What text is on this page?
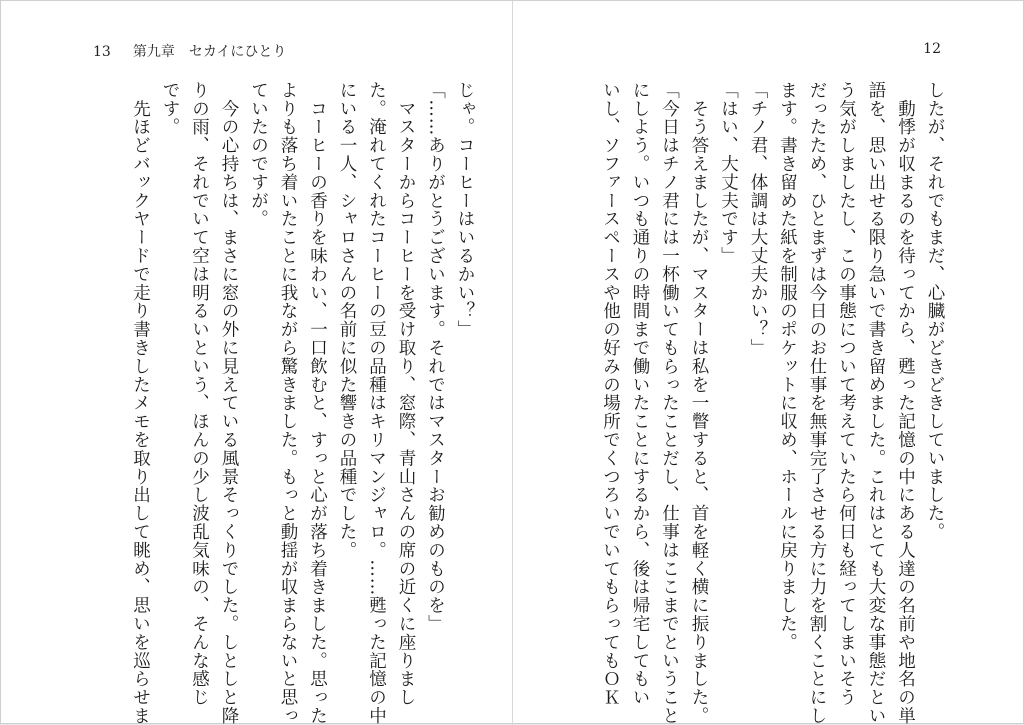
13 第九章　セカイにひとり

じゃ。コーヒーはいるかい？」

「……ありがとうございます。それではマスターお勧めのものを」

　マスターからコーヒーを受け取り、窓際、青山さんの席の近くに座りまし

た。淹れてくれたコーヒーの豆の品種はキリマンジャロ。……甦った記憶の中

にいる一人、シャロさんの名前に似た響きの品種でした。

　コーヒーの香りを味わい、一口飲むと、すっと心が落ち着きました。思った

よりも落ち着いたことに我ながら驚きました。もっと動揺が収まらないと思っ

ていたのですが。

　今の心持ちは、まさに窓の外に見えている風景そっくりでした。しとしと降

りの雨、それでいて空は明るいという、ほんの少し波乱気味の、そんな感じ

です。

　先ほどバックヤードで走り書きしたメモを取り出して眺め、思いを巡らせま

12

したが、それでもまだ、心臓がどきどきしていました。

　動悸が収まるのを待ってから、甦った記憶の中にある人達の名前や地名の単

語を、思い出せる限り急いで書き留めました。これはとても大変な事態だとい

う気がしましたし、この事態について考えていたら何日も経ってしまいそう

だったため、ひとまずは今日のお仕事を無事完了させる方に力を割くことにし

ます。書き留めた紙を制服のポケットに収め、ホールに戻りました。

「チノ君、体調は大丈夫かい？」

「はい、大丈夫です」

　そう答えましたが、マスターは私を一瞥すると、首を軽く横に振りました。

「今日はチノ君には一杯働いてもらったことだし、仕事はここまでということ

にしよう。いつも通りの時間まで働いたことにするから、後は帰宅してもい

いし、ソファースペースや他の好みの場所でくつろいでいてもらってもＯＫ
